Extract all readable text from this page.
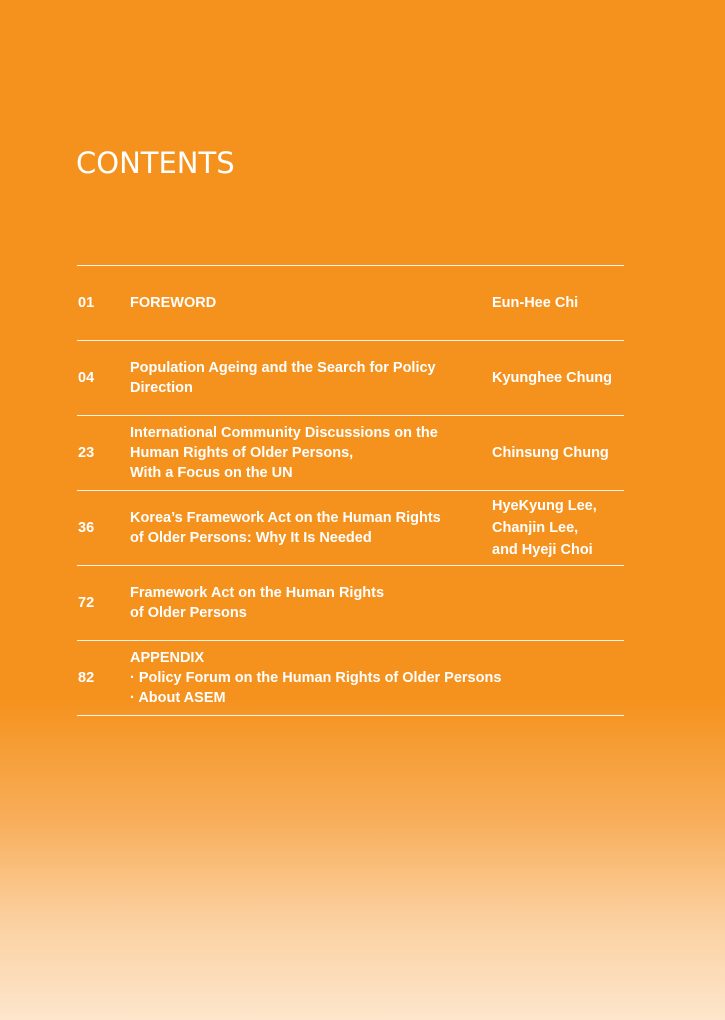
CONTENTS
01 FOREWORD	Eun-Hee Chi
04
Population Ageing and the Search for Policy
Direction
Kyunghee Chung
23
International Community Discussions on the
Human Rights of Older Persons,
With a Focus on the UN
Chinsung Chung
36
Korea’s Framework Act on the Human Rights
of Older Persons: Why It Is Needed
HyeKyung Lee,
Chanjin Lee,
and Hyeji Choi
72
Framework Act on the Human Rights
of Older Persons
82
APPENDIX
· Policy Forum on the Human Rights of Older Persons
· About ASEM
